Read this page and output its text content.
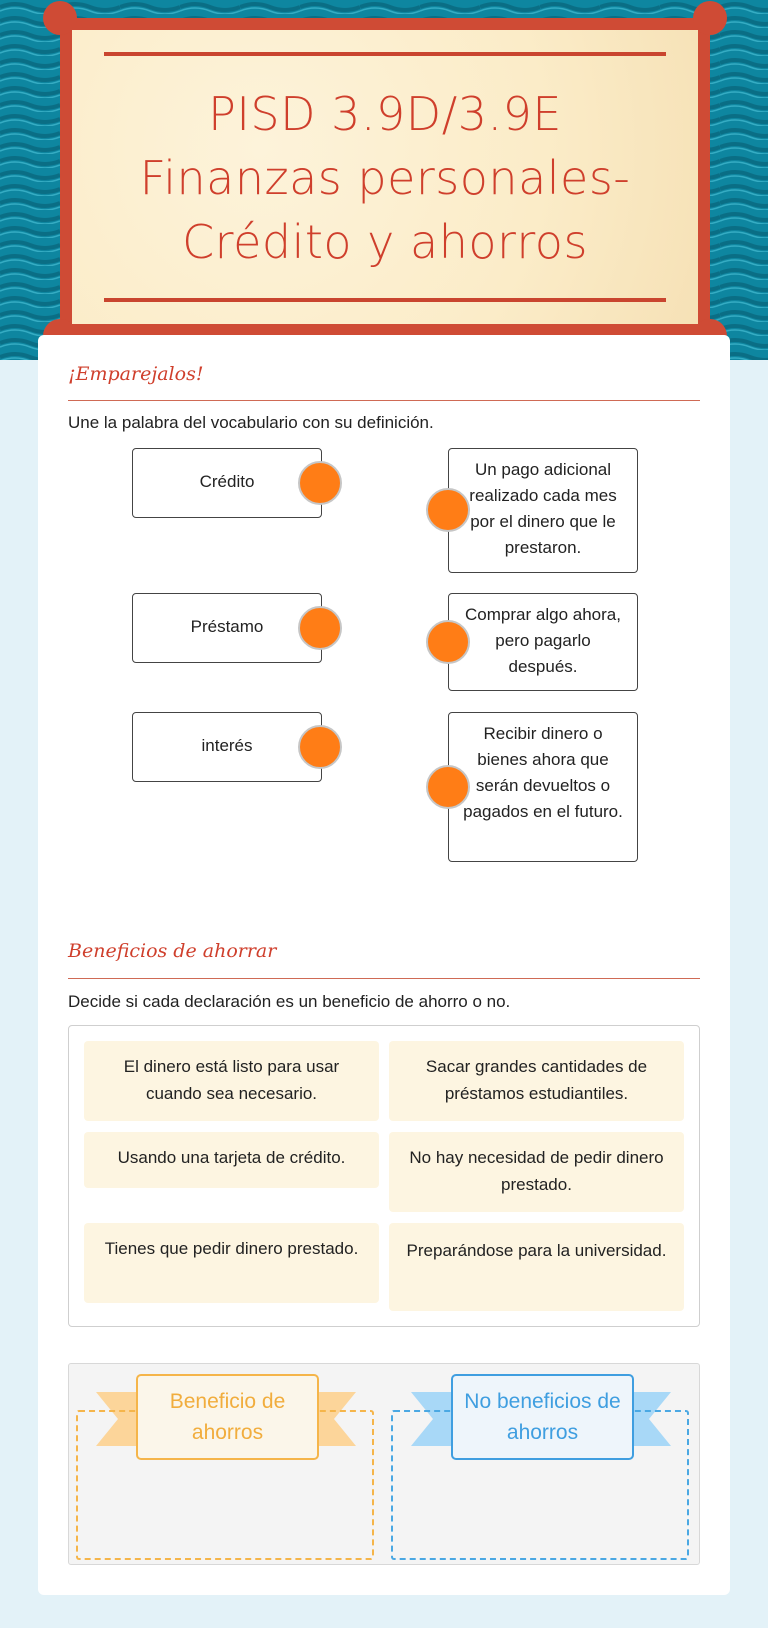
PISD 3.9D/3.9E Finanzas personales-Crédito y ahorros
¡Emparejalos!
Une la palabra del vocabulario con su definición.
Crédito
Préstamo
interés
Un pago adicional realizado cada mes por el dinero que le prestaron.
Comprar algo ahora, pero pagarlo después.
Recibir dinero o bienes ahora que serán devueltos o pagados en el futuro.
Beneficios de ahorrar
Decide si cada declaración es un beneficio de ahorro o no.
El dinero está listo para usar cuando sea necesario.
Sacar grandes cantidades de préstamos estudiantiles.
Usando una tarjeta de crédito.	No hay necesidad de pedir dinero prestado.
Tienes que pedir dinero prestado.	Preparándose para la universidad.
Beneficio de ahorros
No beneficios de ahorros
